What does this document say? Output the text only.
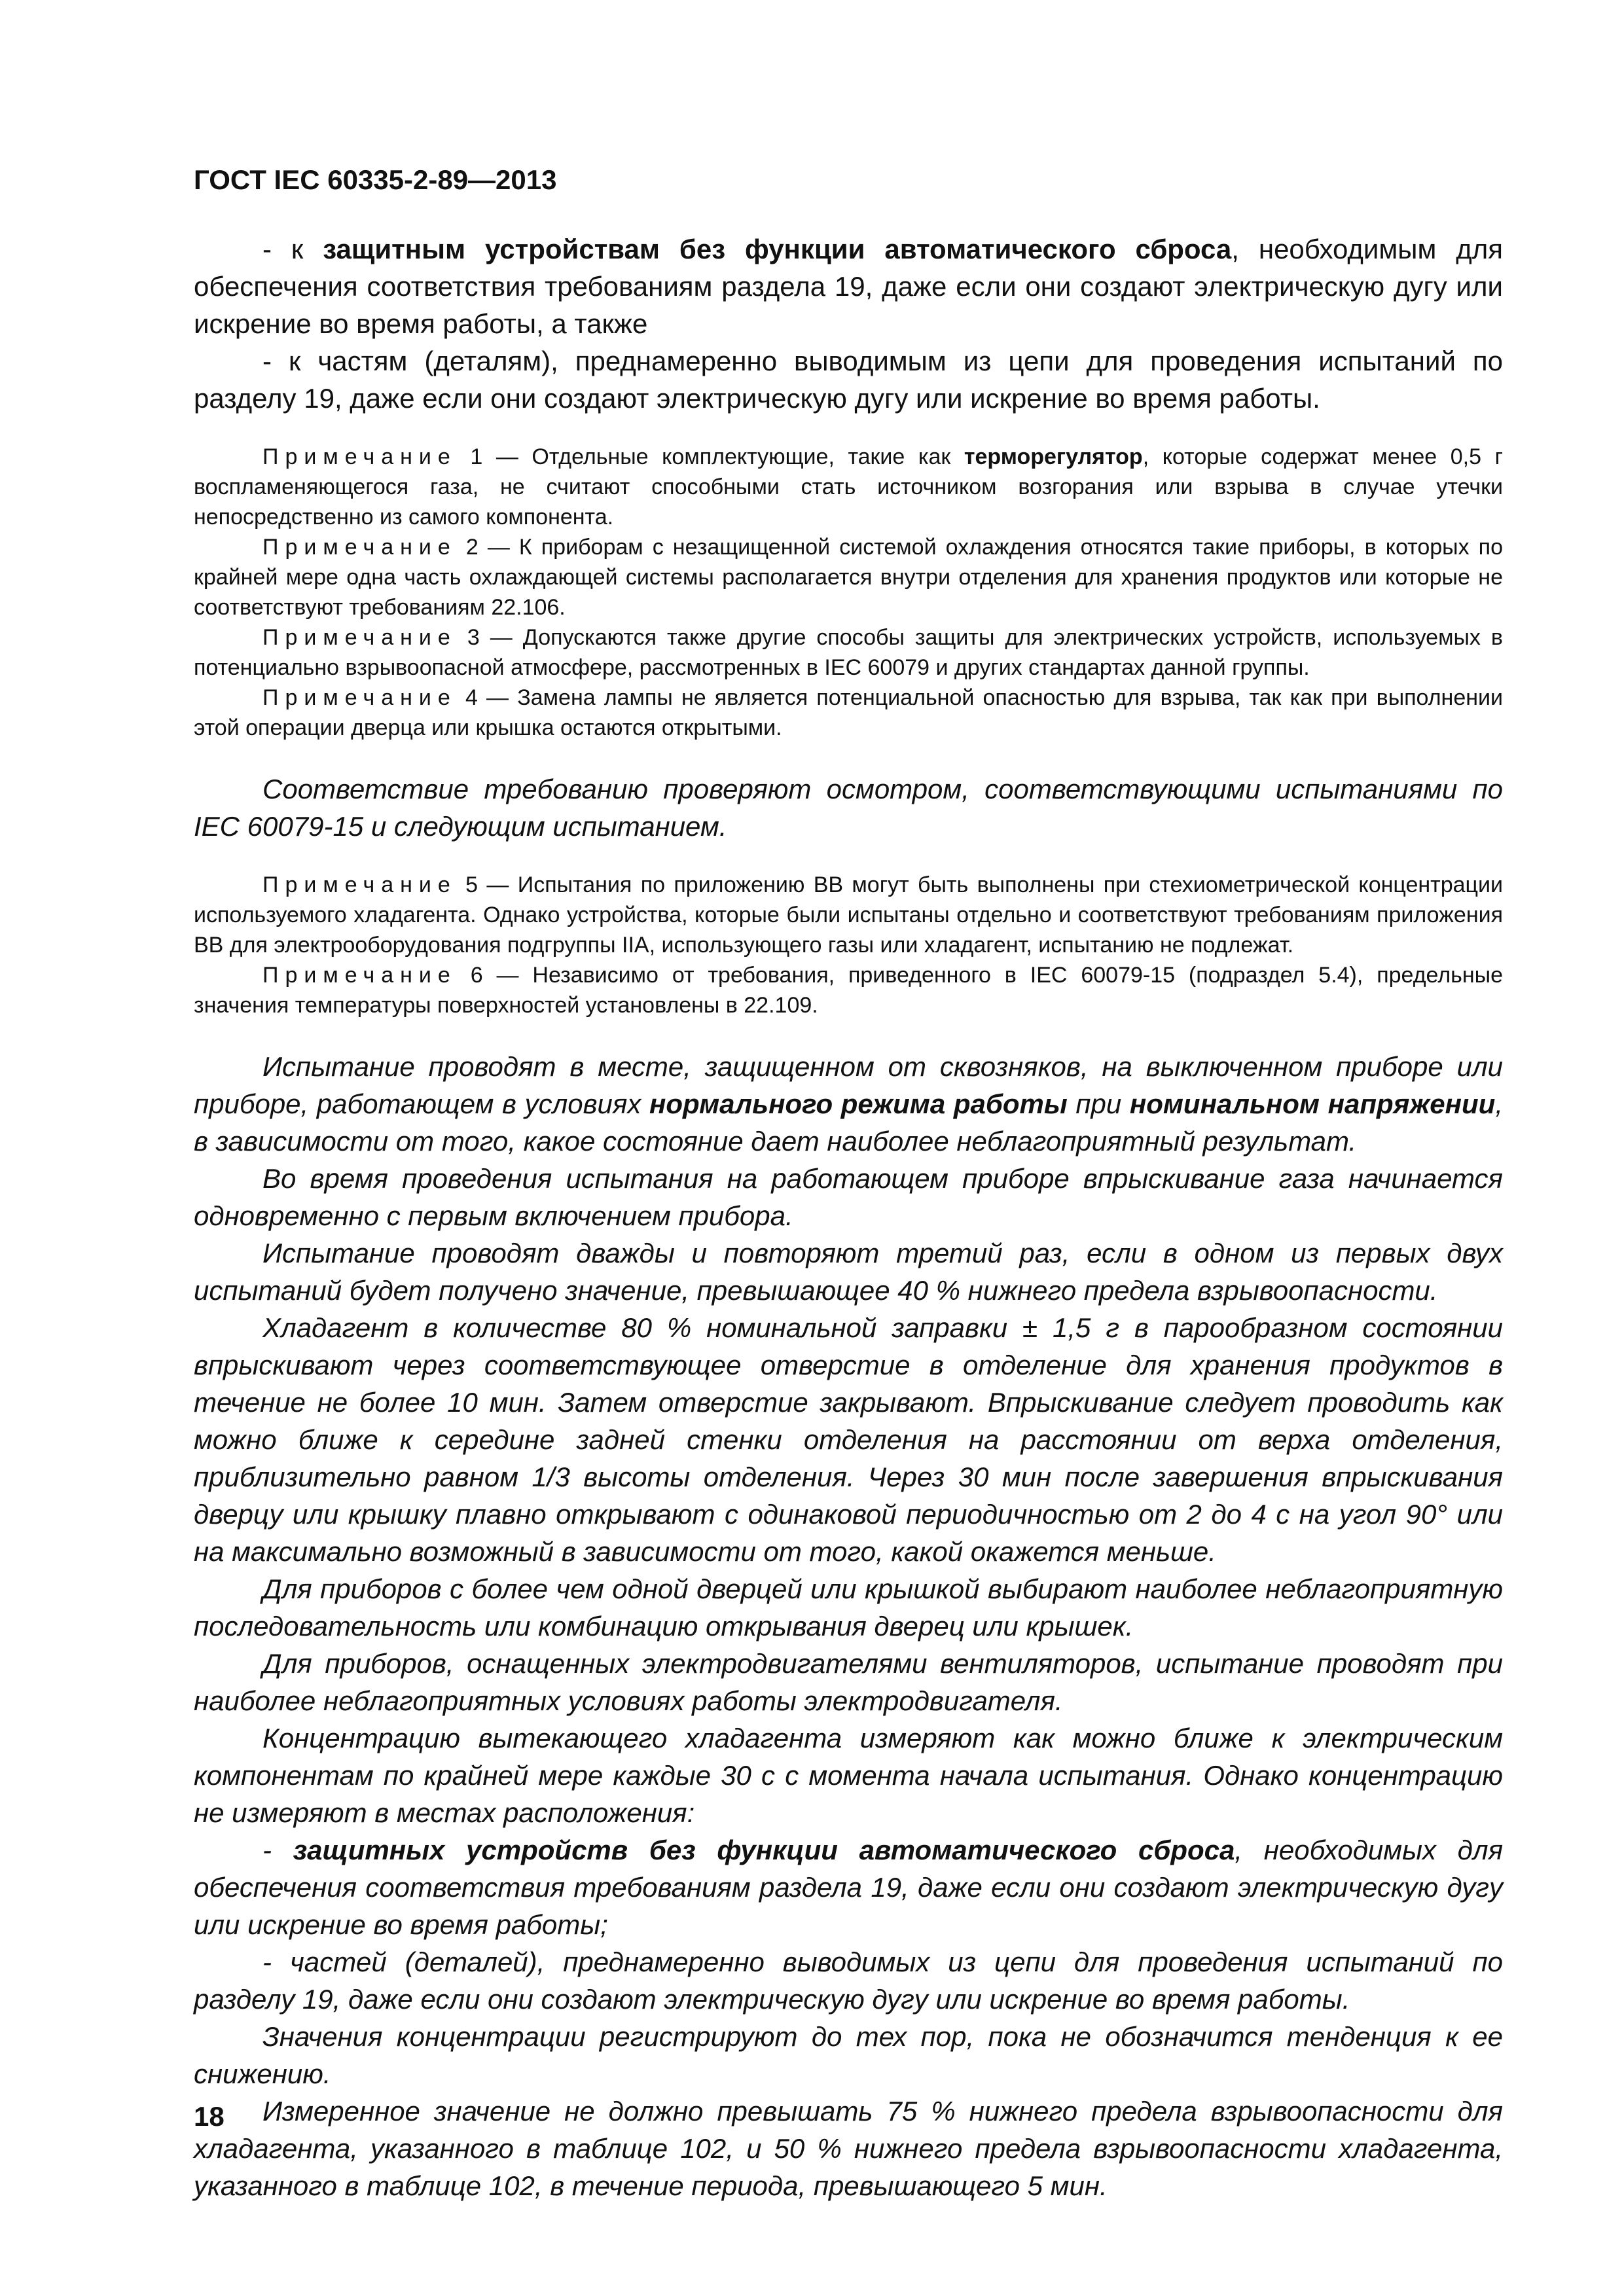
ГОСТ IEC 60335-2-89—2013

- к защитным устройствам без функции автоматического сброса, необходимым для обеспечения соответствия требованиям раздела 19, даже если они создают электрическую дугу или искрение во время работы, а также

- к частям (деталям), преднамеренно выводимым из цепи для проведения испытаний по разделу 19, даже если они создают электрическую дугу или искрение во время работы.

Примечание 1 — Отдельные комплектующие, такие как терморегулятор, которые содержат менее 0,5 г воспламеняющегося газа, не считают способными стать источником возгорания или взрыва в случае утечки непосредственно из самого компонента.

Примечание 2 — К приборам с незащищенной системой охлаждения относятся такие приборы, в которых по крайней мере одна часть охлаждающей системы располагается внутри отделения для хранения продуктов или которые не соответствуют требованиям 22.106.

Примечание 3 — Допускаются также другие способы защиты для электрических устройств, используемых в потенциально взрывоопасной атмосфере, рассмотренных в IEC 60079 и других стандартах данной группы.

Примечание 4 — Замена лампы не является потенциальной опасностью для взрыва, так как при выполнении этой операции дверца или крышка остаются открытыми.

Соответствие требованию проверяют осмотром, соответствующими испытаниями по IEC 60079-15 и следующим испытанием.

Примечание 5 — Испытания по приложению ВВ могут быть выполнены при стехиометрической концентрации используемого хладагента. Однако устройства, которые были испытаны отдельно и соответствуют требованиям приложения ВВ для электрооборудования подгруппы IIA, использующего газы или хладагент, испытанию не подлежат.

Примечание 6 — Независимо от требования, приведенного в IEC 60079-15 (подраздел 5.4), предельные значения температуры поверхностей установлены в 22.109.

Испытание проводят в месте, защищенном от сквозняков, на выключенном приборе или приборе, работающем в условиях нормального режима работы при номинальном напряжении, в зависимости от того, какое состояние дает наиболее неблагоприятный результат.

Во время проведения испытания на работающем приборе впрыскивание газа начинается одновременно с первым включением прибора.

Испытание проводят дважды и повторяют третий раз, если в одном из первых двух испытаний будет получено значение, превышающее 40 % нижнего предела взрывоопасности.

Хладагент в количестве 80 % номинальной заправки ± 1,5 г в парообразном состоянии впрыскивают через соответствующее отверстие в отделение для хранения продуктов в течение не более 10 мин. Затем отверстие закрывают. Впрыскивание следует проводить как можно ближе к середине задней стенки отделения на расстоянии от верха отделения, приблизительно равном 1/3 высоты отделения. Через 30 мин после завершения впрыскивания дверцу или крышку плавно открывают с одинаковой периодичностью от 2 до 4 с на угол 90° или на максимально возможный в зависимости от того, какой окажется меньше.

Для приборов с более чем одной дверцей или крышкой выбирают наиболее неблагоприятную последовательность или комбинацию открывания дверец или крышек.

Для приборов, оснащенных электродвигателями вентиляторов, испытание проводят при наиболее неблагоприятных условиях работы электродвигателя.

Концентрацию вытекающего хладагента измеряют как можно ближе к электрическим компонентам по крайней мере каждые 30 с с момента начала испытания. Однако концентрацию не измеряют в местах расположения:

- защитных устройств без функции автоматического сброса, необходимых для обеспечения соответствия требованиям раздела 19, даже если они создают электрическую дугу или искрение во время работы;

- частей (деталей), преднамеренно выводимых из цепи для проведения испытаний по разделу 19, даже если они создают электрическую дугу или искрение во время работы.

Значения концентрации регистрируют до тех пор, пока не обозначится тенденция к ее снижению.

Измеренное значение не должно превышать 75 % нижнего предела взрывоопасности для хладагента, указанного в таблице 102, и 50 % нижнего предела взрывоопасности хладагента, указанного в таблице 102, в течение периода, превышающего 5 мин.

18
